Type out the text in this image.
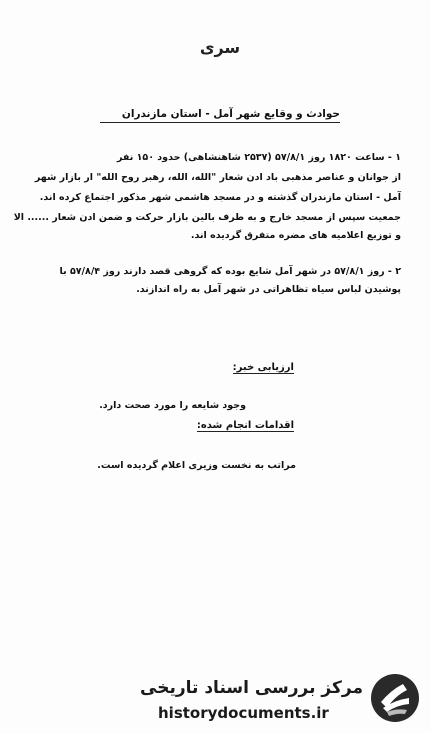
سری
حوادث و وقایع شهر آمل - استان مازندران
۱ - ساعت ۱۸۲۰ روز ۵۷/۸/۱ (۲۵۳۷ شاهنشاهی) حدود ۱۵۰ نفر
از جوانان و عناصر مذهبی باد ادن شعار "الله، الله، رهبر روح الله" ار بازار شهر
آمل - استان مازندران گذشته و در مسجد هاشمی شهر مذکور اجتماع کرده اند.
جمعیت سپس از مسجد خارج و به طرف بالین بازار حرکت و ضمن ادن شعار ...... الا
و توزیع اعلامیه های مضره متفرق گردیده اند.
۲ - روز ۵۷/۸/۱ در شهر آمل شایع بوده که گروهی قصد دارند روز ۵۷/۸/۴ با
پوشیدن لباس سیاه تظاهراتی در شهر آمل به راه اندازند.
ارزیابی خبر:
وجود شایعه را مورد صحت دارد.
اقدامات انجام شده:
مراتب به نخست وزیری اعلام گردیده است.
مرکز بررسی اسناد تاریخی
historydocuments.ir
